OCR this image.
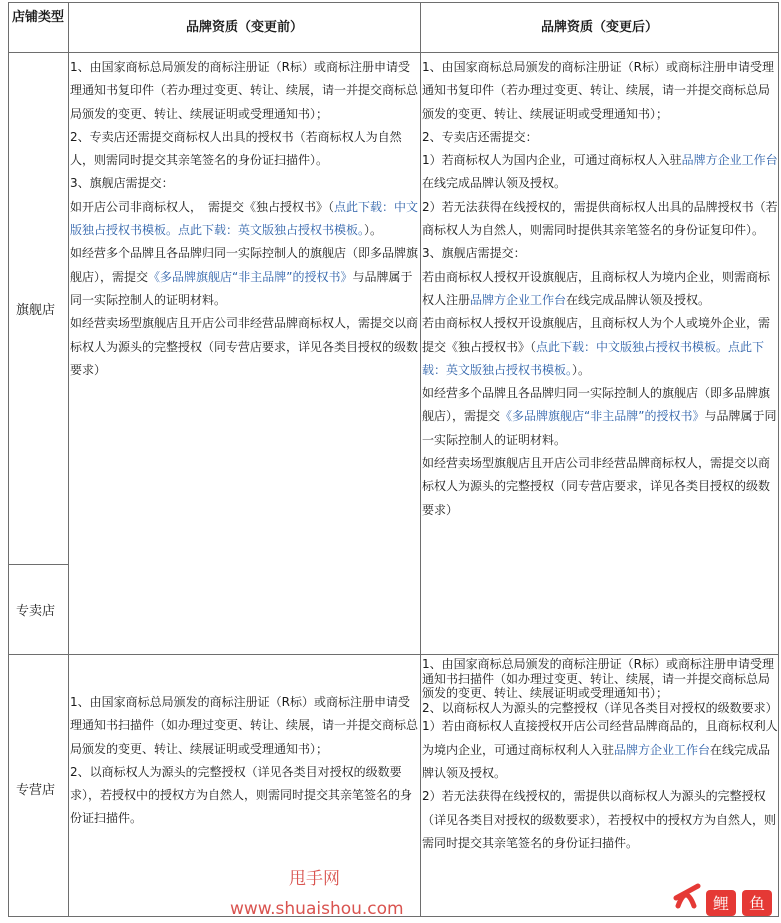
店铺类型
品牌资质（变更前）	品牌资质（变更后）
旗舰店
专卖店
专营店
1、由国家商标总局颁发的商标注册证（R标）或商标注册申请受理通知书复印件（若办理过变更、转让、续展，请一并提交商标总局颁发的变更、转让、续展证明或受理通知书）；
2、专卖店还需提交商标权人出具的授权书（若商标权人为自然人，则需同时提交其亲笔签名的身份证扫描件）。
3、旗舰店需提交：
如开店公司非商标权人，　需提交《独占授权书》（点此下载：中文版独占授权书模板。点此下载：英文版独占授权书模板。）。
如经营多个品牌且各品牌归同一实际控制人的旗舰店（即多品牌旗舰店），需提交《多品牌旗舰店“非主品牌”的授权书》与品牌属于同一实际控制人的证明材料。
如经营卖场型旗舰店且开店公司非经营品牌商标权人，需提交以商标权人为源头的完整授权（同专营店要求，详见各类目授权的级数要求）
1、由国家商标总局颁发的商标注册证（R标）或商标注册申请受理通知书复印件（若办理过变更、转让、续展，请一并提交商标总局颁发的变更、转让、续展证明或受理通知书）；
2、专卖店还需提交：
1）若商标权人为国内企业，可通过商标权人入驻品牌方企业工作台在线完成品牌认领及授权。
2）若无法获得在线授权的，需提供商标权人出具的品牌授权书（若商标权人为自然人，则需同时提供其亲笔签名的身份证复印件）。
3、旗舰店需提交：
若由商标权人授权开设旗舰店，且商标权人为境内企业，则需商标权人注册品牌方企业工作台在线完成品牌认领及授权。
若由商标权人授权开设旗舰店，且商标权人为个人或境外企业，需提交《独占授权书》（点此下载：中文版独占授权书模板。点此下载：英文版独占授权书模板。）。
如经营多个品牌且各品牌归同一实际控制人的旗舰店（即多品牌旗舰店），需提交《多品牌旗舰店“非主品牌”的授权书》与品牌属于同一实际控制人的证明材料。
如经营卖场型旗舰店且开店公司非经营品牌商标权人，需提交以商标权人为源头的完整授权（同专营店要求，详见各类目授权的级数要求）
1、由国家商标总局颁发的商标注册证（R标）或商标注册申请受理通知书扫描件（如办理过变更、转让、续展，请一并提交商标总局颁发的变更、转让、续展证明或受理通知书）；
2、以商标权人为源头的完整授权（详见各类目对授权的级数要求），若授权中的授权方为自然人，则需同时提交其亲笔签名的身份证扫描件。
1、由国家商标总局颁发的商标注册证（R标）或商标注册申请受理通知书扫描件（如办理过变更、转让、续展，请一并提交商标总局颁发的变更、转让、续展证明或受理通知书）；
2、以商标权人为源头的完整授权（详见各类目对授权的级数要求）
1）若由商标权人直接授权开店公司经营品牌商品的，且商标权利人为境内企业，可通过商标权利人入驻品牌方企业工作台在线完成品牌认领及授权。
2）若无法获得在线授权的，需提供以商标权人为源头的完整授权（详见各类目对授权的级数要求），若授权中的授权方为自然人，则需同时提交其亲笔签名的身份证扫描件。
甩手网
www.shuaishou.com	鲤 鱼
